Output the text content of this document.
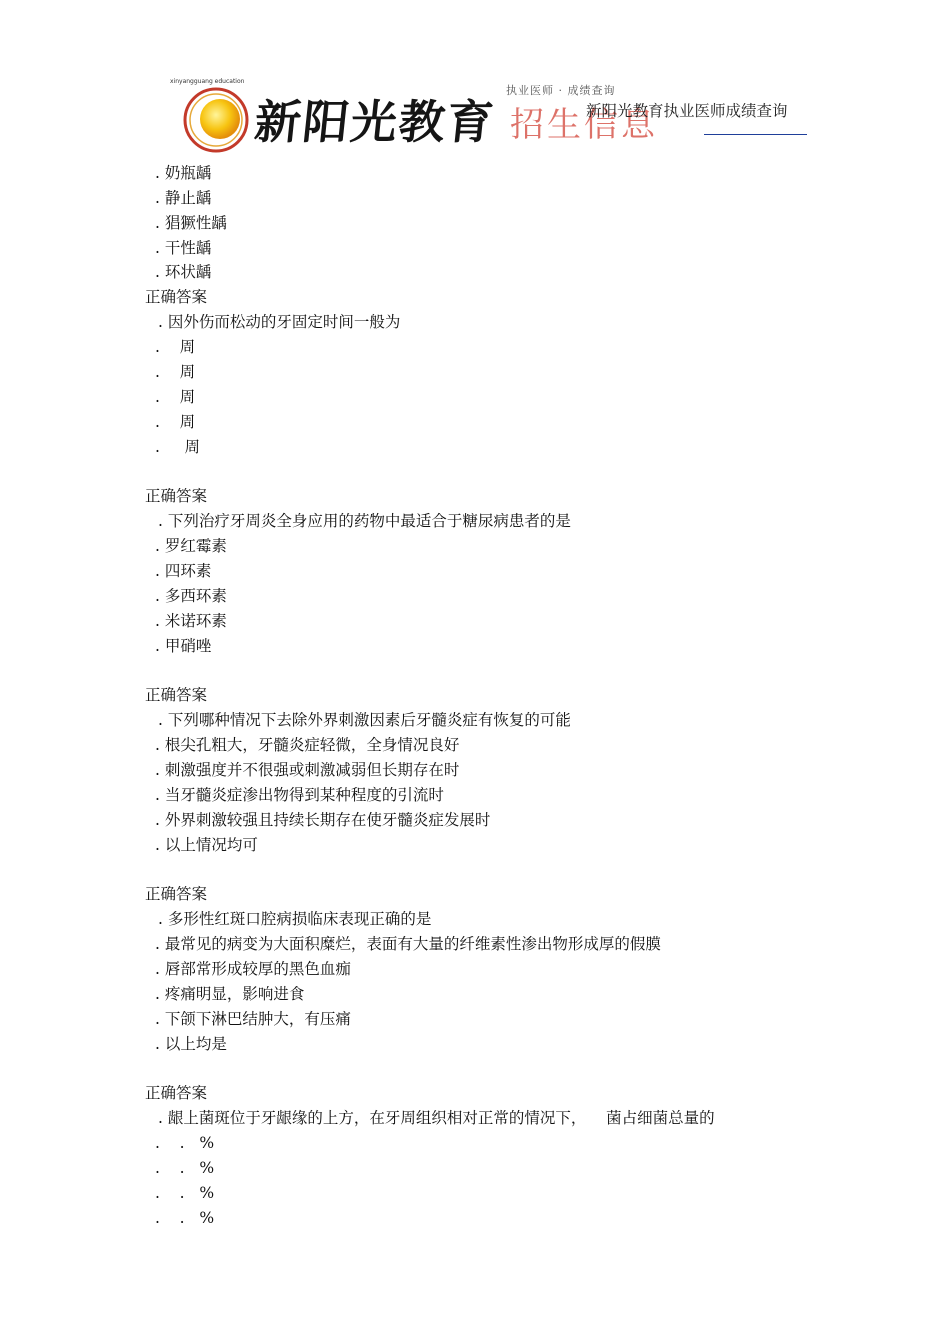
xinyangguang education
新阳光教育
执业医师 · 成绩查询
招生信息
新阳光教育执业医师成绩查询
. 奶瓶龋
. 静止龋
. 猖獗性龋
. 干性龋
. 环状龋
正确答案
. 因外伤而松动的牙固定时间一般为
.    周
.    周
.    周
.    周
.     周
正确答案
. 下列治疗牙周炎全身应用的药物中最适合于糖尿病患者的是
. 罗红霉素
. 四环素
. 多西环素
. 米诺环素
. 甲硝唑
正确答案
. 下列哪种情况下去除外界刺激因素后牙髓炎症有恢复的可能
. 根尖孔粗大，牙髓炎症轻微，全身情况良好
. 刺激强度并不很强或刺激减弱但长期存在时
. 当牙髓炎症渗出物得到某种程度的引流时
. 外界刺激较强且持续长期存在使牙髓炎症发展时
. 以上情况均可
正确答案
. 多形性红斑口腔病损临床表现正确的是
. 最常见的病变为大面积糜烂，表面有大量的纤维素性渗出物形成厚的假膜
. 唇部常形成较厚的黑色血痂
. 疼痛明显，影响进食
. 下颌下淋巴结肿大，有压痛
. 以上均是
正确答案
. 龈上菌斑位于牙龈缘的上方，在牙周组织相对正常的情况下，    菌占细菌总量的
.    .   %
.    .   %
.    .   %
.    .   %
